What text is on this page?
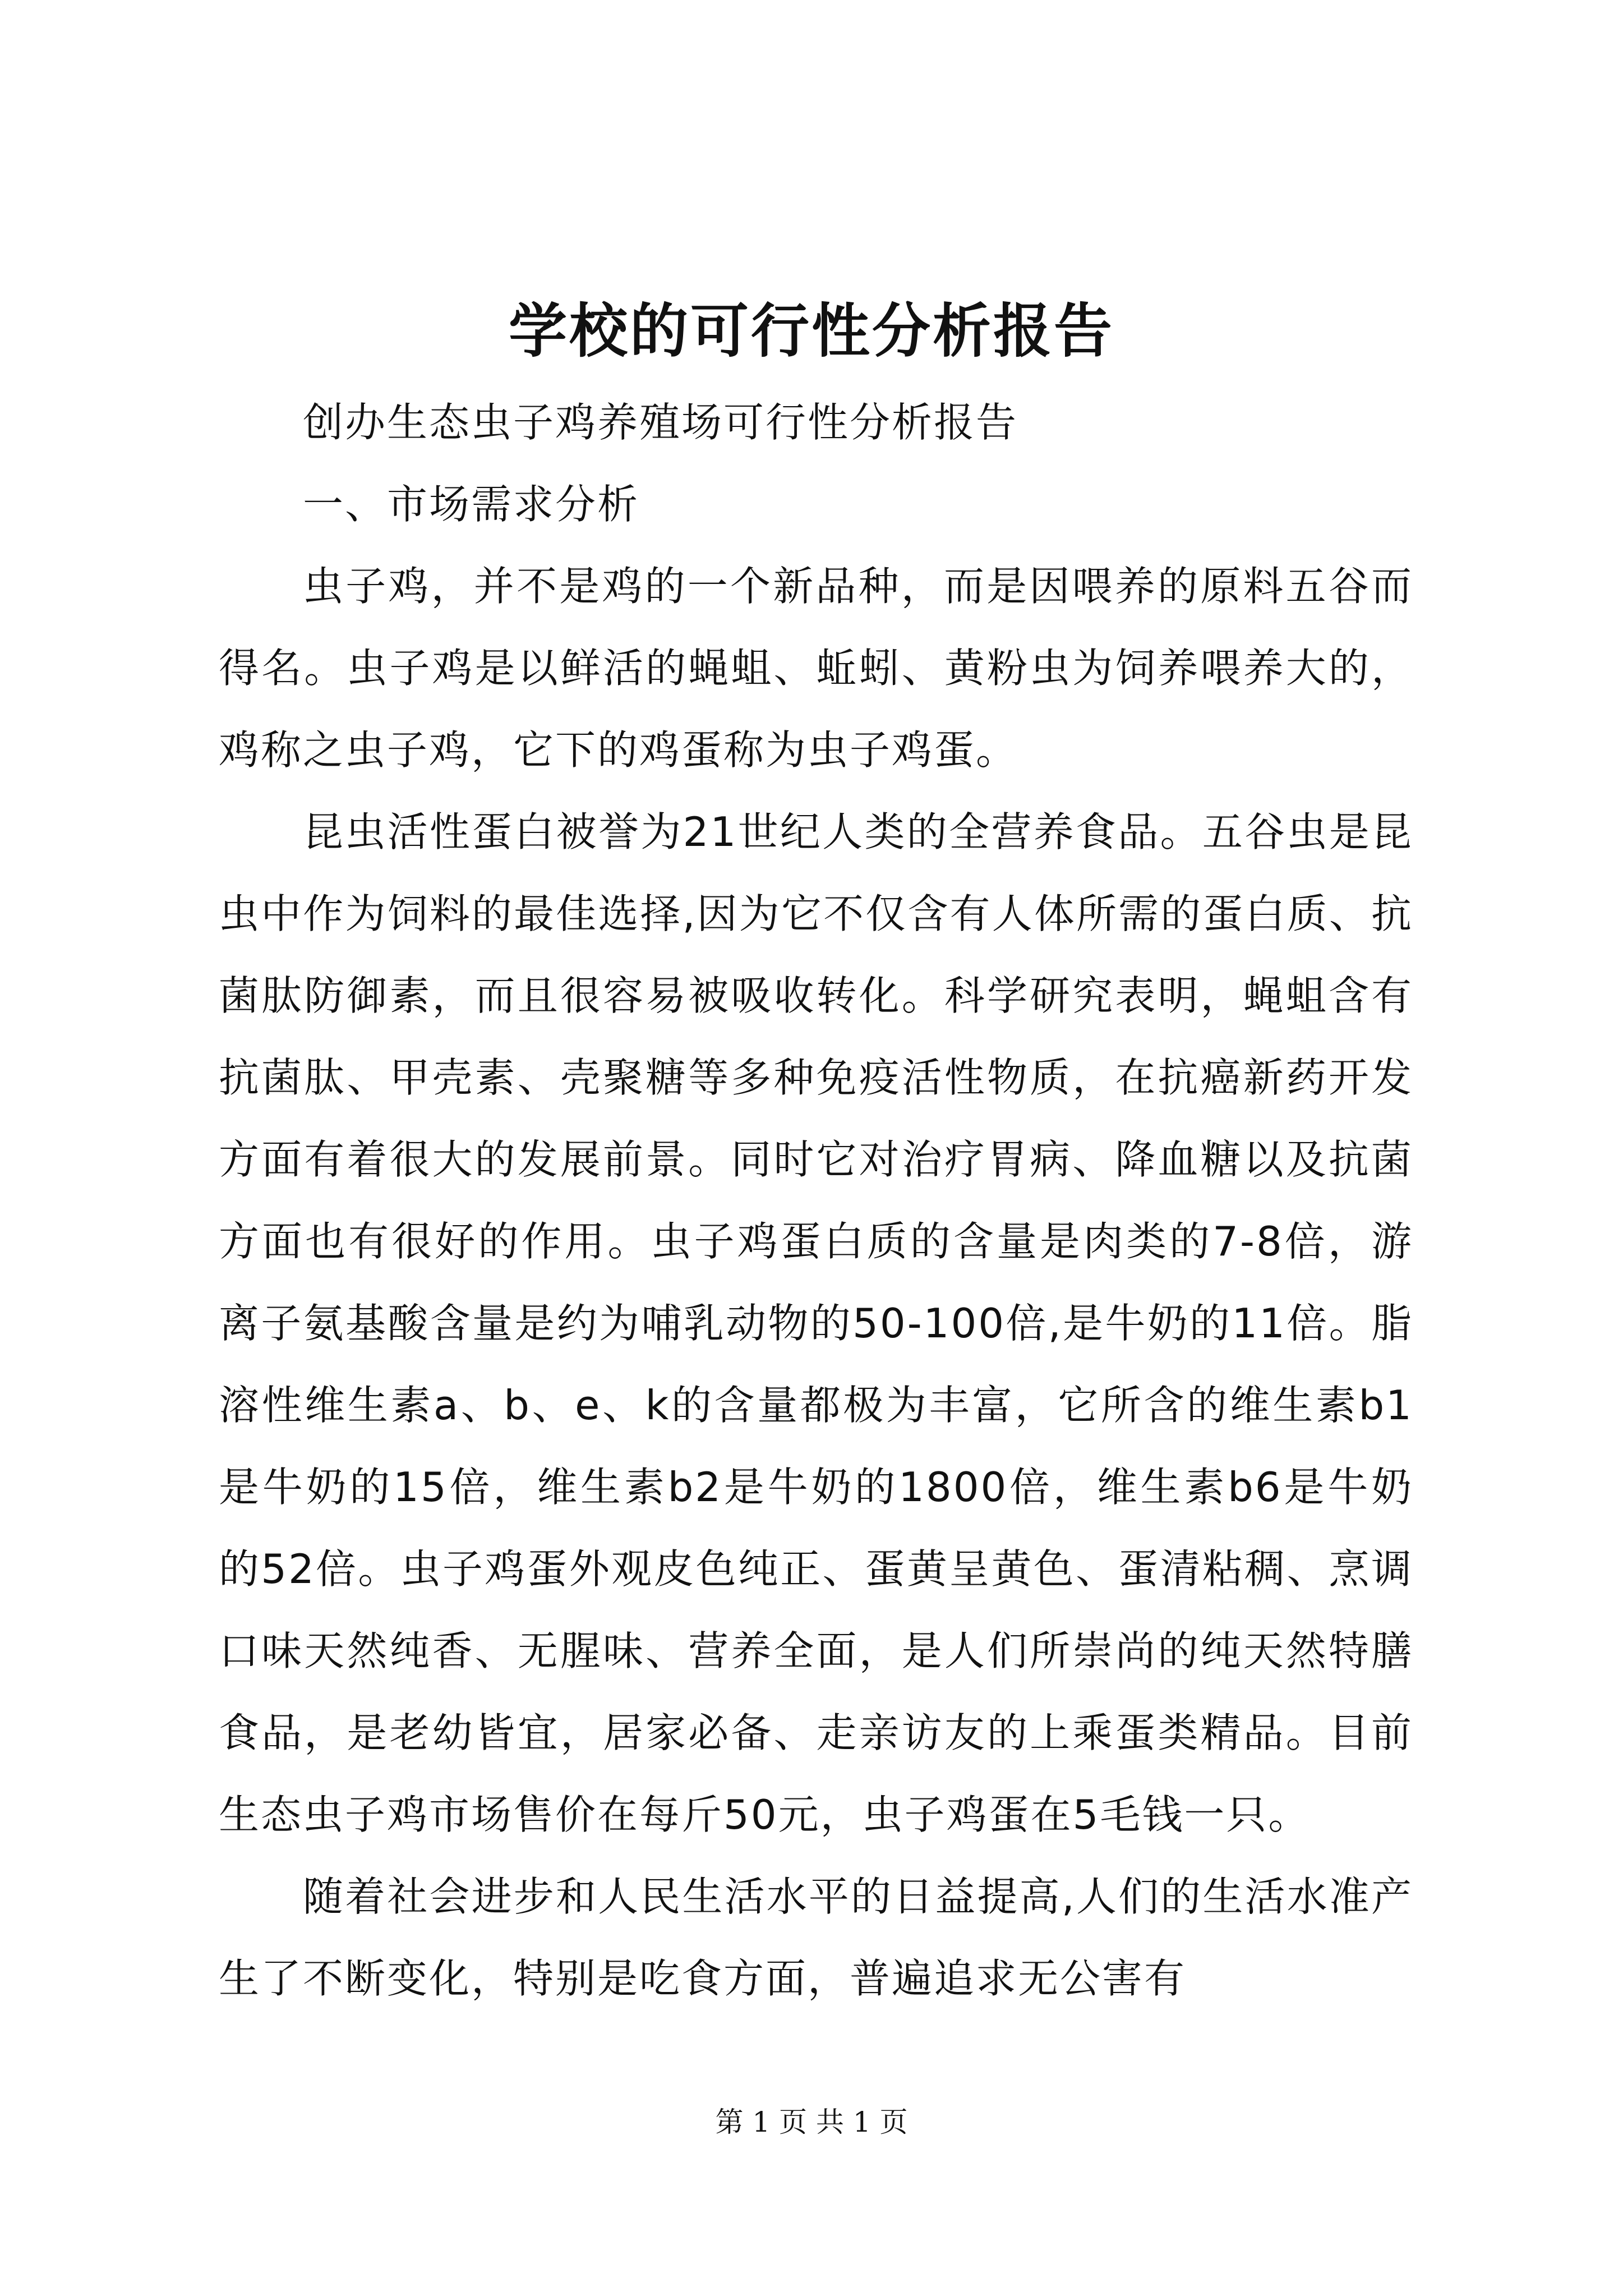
学校的可行性分析报告

创办生态虫子鸡养殖场可行性分析报告

一、市场需求分析

虫子鸡，并不是鸡的一个新品种，而是因喂养的原料五谷而得名。虫子鸡是以鲜活的蝇蛆、蚯蚓、黄粉虫为饲养喂养大的，鸡称之虫子鸡，它下的鸡蛋称为虫子鸡蛋。

昆虫活性蛋白被誉为21世纪人类的全营养食品。五谷虫是昆虫中作为饲料的最佳选择,因为它不仅含有人体所需的蛋白质、抗菌肽防御素，而且很容易被吸收转化。科学研究表明，蝇蛆含有抗菌肽、甲壳素、壳聚糖等多种免疫活性物质，在抗癌新药开发方面有着很大的发展前景。同时它对治疗胃病、降血糖以及抗菌方面也有很好的作用。虫子鸡蛋白质的含量是肉类的7-8倍，游离子氨基酸含量是约为哺乳动物的50-100倍,是牛奶的11倍。脂溶性维生素a、b、e、k的含量都极为丰富，它所含的维生素b1是牛奶的15倍，维生素b2是牛奶的1800倍，维生素b6是牛奶的52倍。虫子鸡蛋外观皮色纯正、蛋黄呈黄色、蛋清粘稠、烹调口味天然纯香、无腥味、营养全面，是人们所崇尚的纯天然特膳食品，是老幼皆宜，居家必备、走亲访友的上乘蛋类精品。目前生态虫子鸡市场售价在每斤50元，虫子鸡蛋在5毛钱一只。

随着社会进步和人民生活水平的日益提高,人们的生活水准产生了不断变化，特别是吃食方面，普遍追求无公害有

第 1 页 共 1 页
